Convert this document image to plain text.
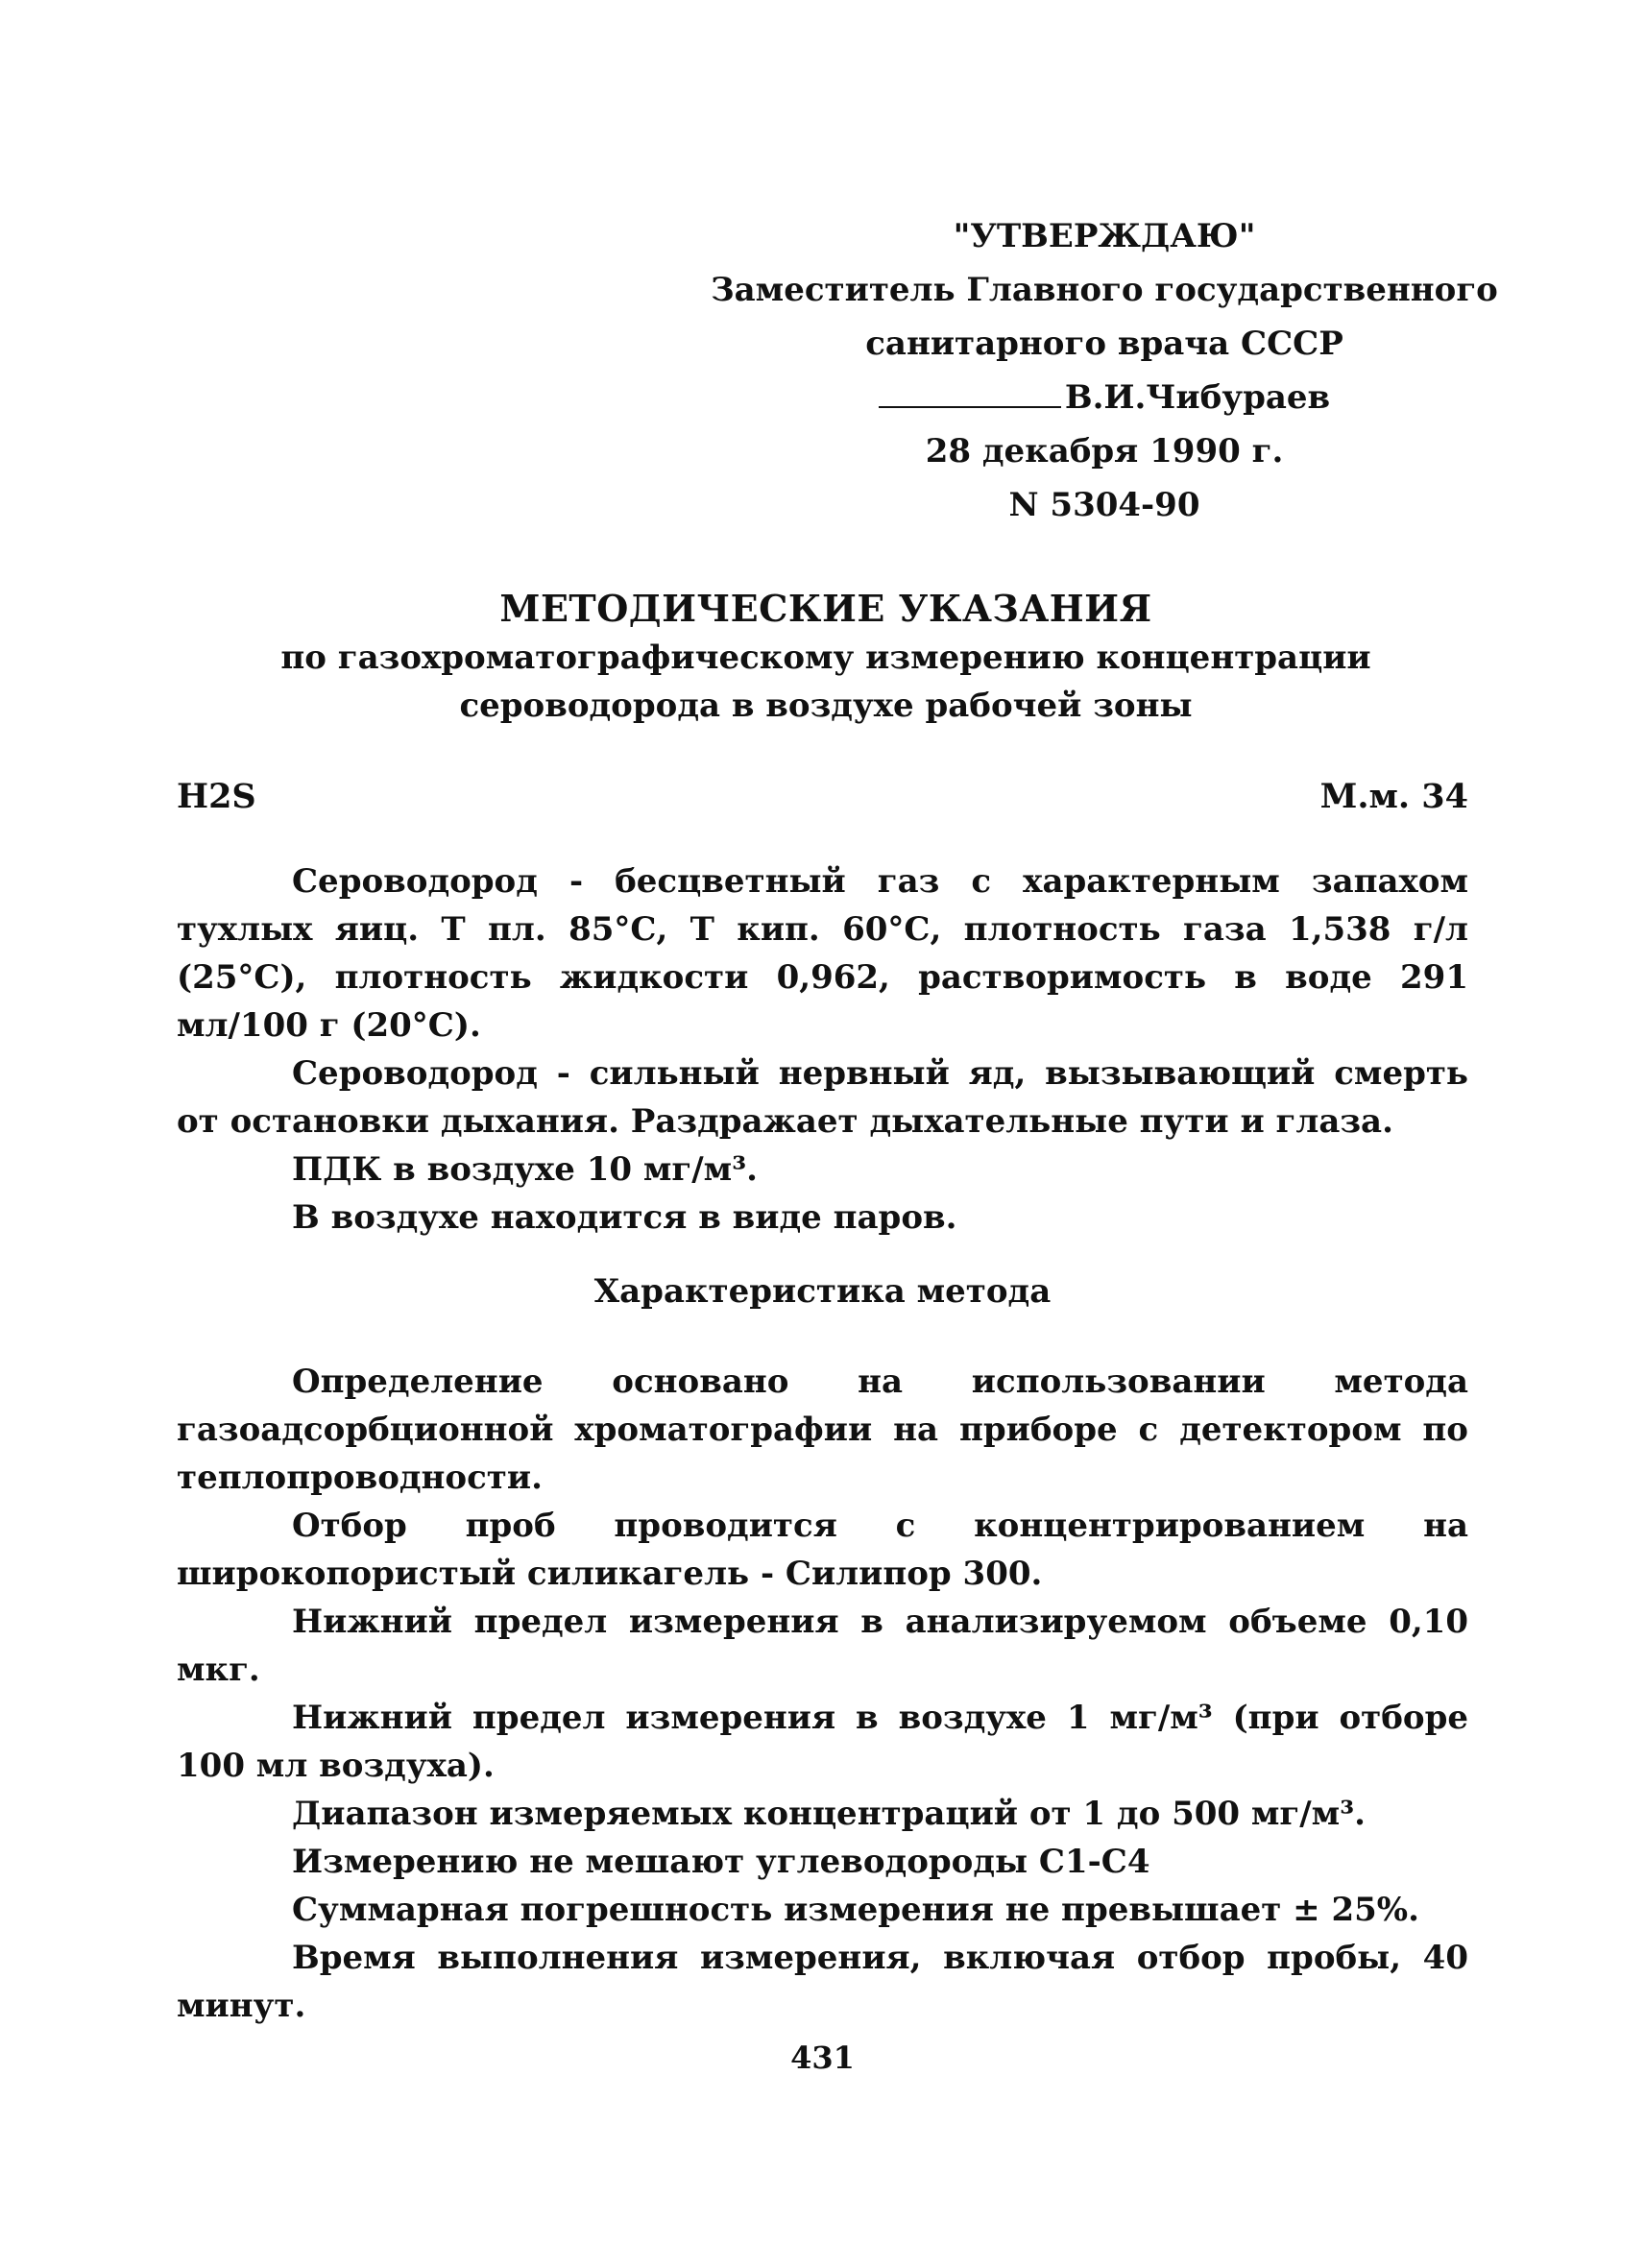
"УТВЕРЖДАЮ"
Заместитель Главного государственного
санитарного врача СССР
В.И.Чибураев
28 декабря 1990 г.
N 5304-90
МЕТОДИЧЕСКИЕ УКАЗАНИЯ
по газохроматографическому измерению концентрации
сероводорода в воздухе рабочей зоны
H2S	М.м. 34

Сероводород - бесцветный газ с характерным запахом тухлых яиц. Т пл. 85°С, Т кип. 60°С, плотность газа 1,538 г/л (25°С), плотность жидкости 0,962, растворимость в воде 291 мл/100 г (20°С).

Сероводород - сильный нервный яд, вызывающий смерть от остановки дыхания. Раздражает дыхательные пути и глаза.

ПДК в воздухе 10 мг/м³.

В воздухе находится в виде паров.

Характеристика метода

Определение основано на использовании метода газоадсорбционной хроматографии на приборе с детектором по теплопроводности.

Отбор проб проводится с концентрированием на широкопористый силикагель - Силипор 300.

Нижний предел измерения в анализируемом объеме 0,10 мкг.

Нижний предел измерения в воздухе 1 мг/м³ (при отборе 100 мл воздуха).

Диапазон измеряемых концентраций от 1 до 500 мг/м³.

Измерению не мешают углеводороды С1-С4

Суммарная погрешность измерения не превышает ± 25%.

Время выполнения измерения, включая отбор пробы, 40 минут.

431
